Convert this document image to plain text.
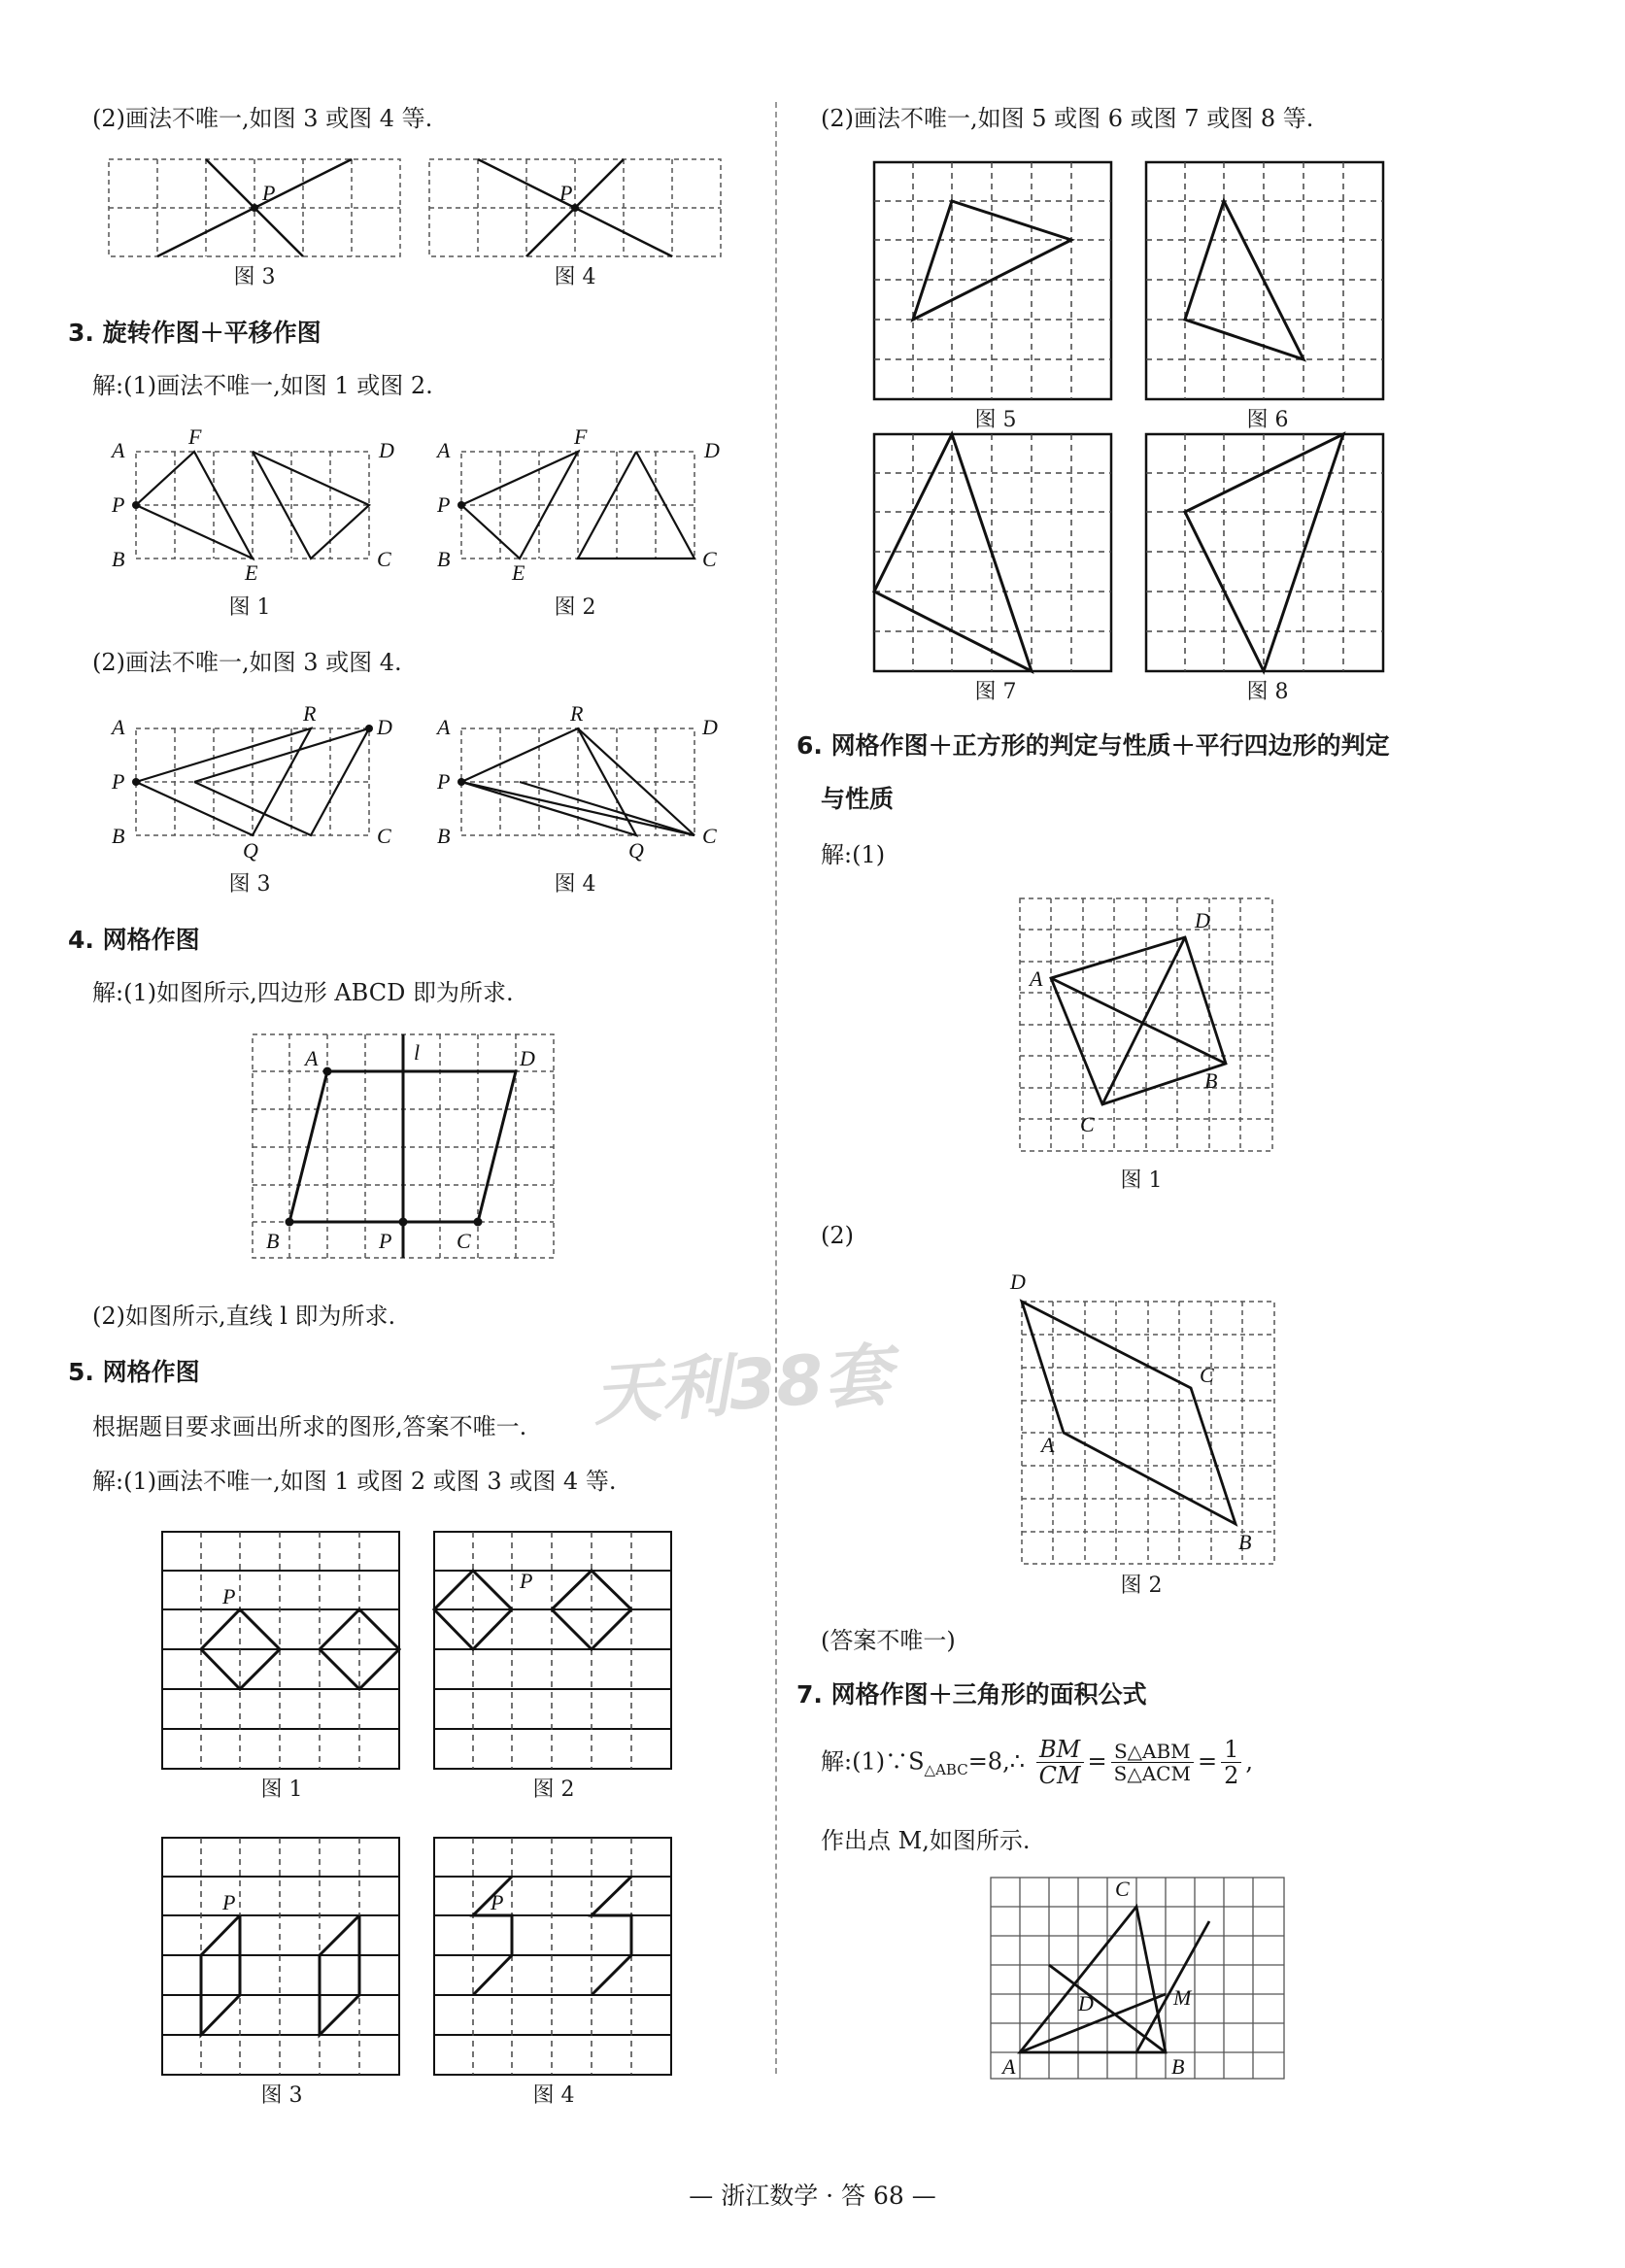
(2)画法不唯一,如图 3 或图 4 等.
P
图 3
P
图 4
3. 旋转作图＋平移作图
解:(1)画法不唯一,如图 1 或图 2.
A
F
D
P
B
E
C
图 1
A
F
D
P
B
E
C
图 2
(2)画法不唯一,如图 3 或图 4.
A
R
D
P
B
Q
C
图 3
A
R
D
P
B
Q
C
图 4
4. 网格作图
解:(1)如图所示,四边形 ABCD 即为所求.
A	l	D
B	P	C
(2)如图所示,直线 l 即为所求.
5. 网格作图
根据题目要求画出所求的图形,答案不唯一.
解:(1)画法不唯一,如图 1 或图 2 或图 3 或图 4 等.
P
图 1
P
图 2
P
图 3
P
图 4
天利38套
(2)画法不唯一,如图 5 或图 6 或图 7 或图 8 等.
图 5	图 6
图 7	图 8
6. 网格作图＋正方形的判定与性质＋平行四边形的判定
与性质
解:(1)
D
A
B
C
图 1
(2)
D
C
A
B
图 2
(答案不唯一)
7. 网格作图＋三角形的面积公式
解$:(1)\because S_{\triangle ABC}=8,\therefore \frac{BM}{CM} = \frac{\text{S△ABM}}{\text{S△ACM}} = \frac{1}{2}$ ,
作出点 M,如图所示.
C
D	M
A	B
— 浙江数学 · 答 68 —
